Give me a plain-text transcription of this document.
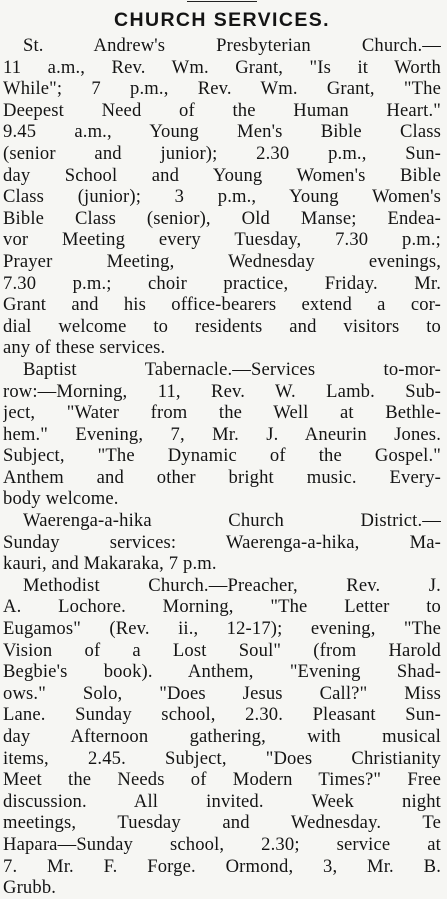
CHURCH SERVICES.
St. Andrew's Presbyterian Church.—
11 a.m., Rev. Wm. Grant, "Is it Worth
While"; 7 p.m., Rev. Wm. Grant, "The
Deepest Need of the Human Heart."
9.45 a.m., Young Men's Bible Class
(senior and junior); 2.30 p.m., Sun-
day School and Young Women's Bible
Class (junior); 3 p.m., Young Women's
Bible Class (senior), Old Manse; Endea-
vor Meeting every Tuesday, 7.30 p.m.;
Prayer Meeting, Wednesday evenings,
7.30 p.m.; choir practice, Friday. Mr.
Grant and his office-bearers extend a cor-
dial welcome to residents and visitors to
any of these services.
Baptist Tabernacle.—Services to-mor-
row:—Morning, 11, Rev. W. Lamb. Sub-
ject, "Water from the Well at Bethle-
hem." Evening, 7, Mr. J. Aneurin Jones.
Subject, "The Dynamic of the Gospel."
Anthem and other bright music. Every-
body welcome.
Waerenga-a-hika Church District.—
Sunday services: Waerenga-a-hika, Ma-
kauri, and Makaraka, 7 p.m.
Methodist Church.—Preacher, Rev. J.
A. Lochore. Morning, "The Letter to
Eugamos" (Rev. ii., 12-17); evening, "The
Vision of a Lost Soul" (from Harold
Begbie's book). Anthem, "Evening Shad-
ows." Solo, "Does Jesus Call?" Miss
Lane. Sunday school, 2.30. Pleasant Sun-
day Afternoon gathering, with musical
items, 2.45. Subject, "Does Christianity
Meet the Needs of Modern Times?" Free
discussion. All invited. Week night
meetings, Tuesday and Wednesday. Te
Hapara—Sunday school, 2.30; service at
7. Mr. F. Forge. Ormond, 3, Mr. B.
Grubb.
